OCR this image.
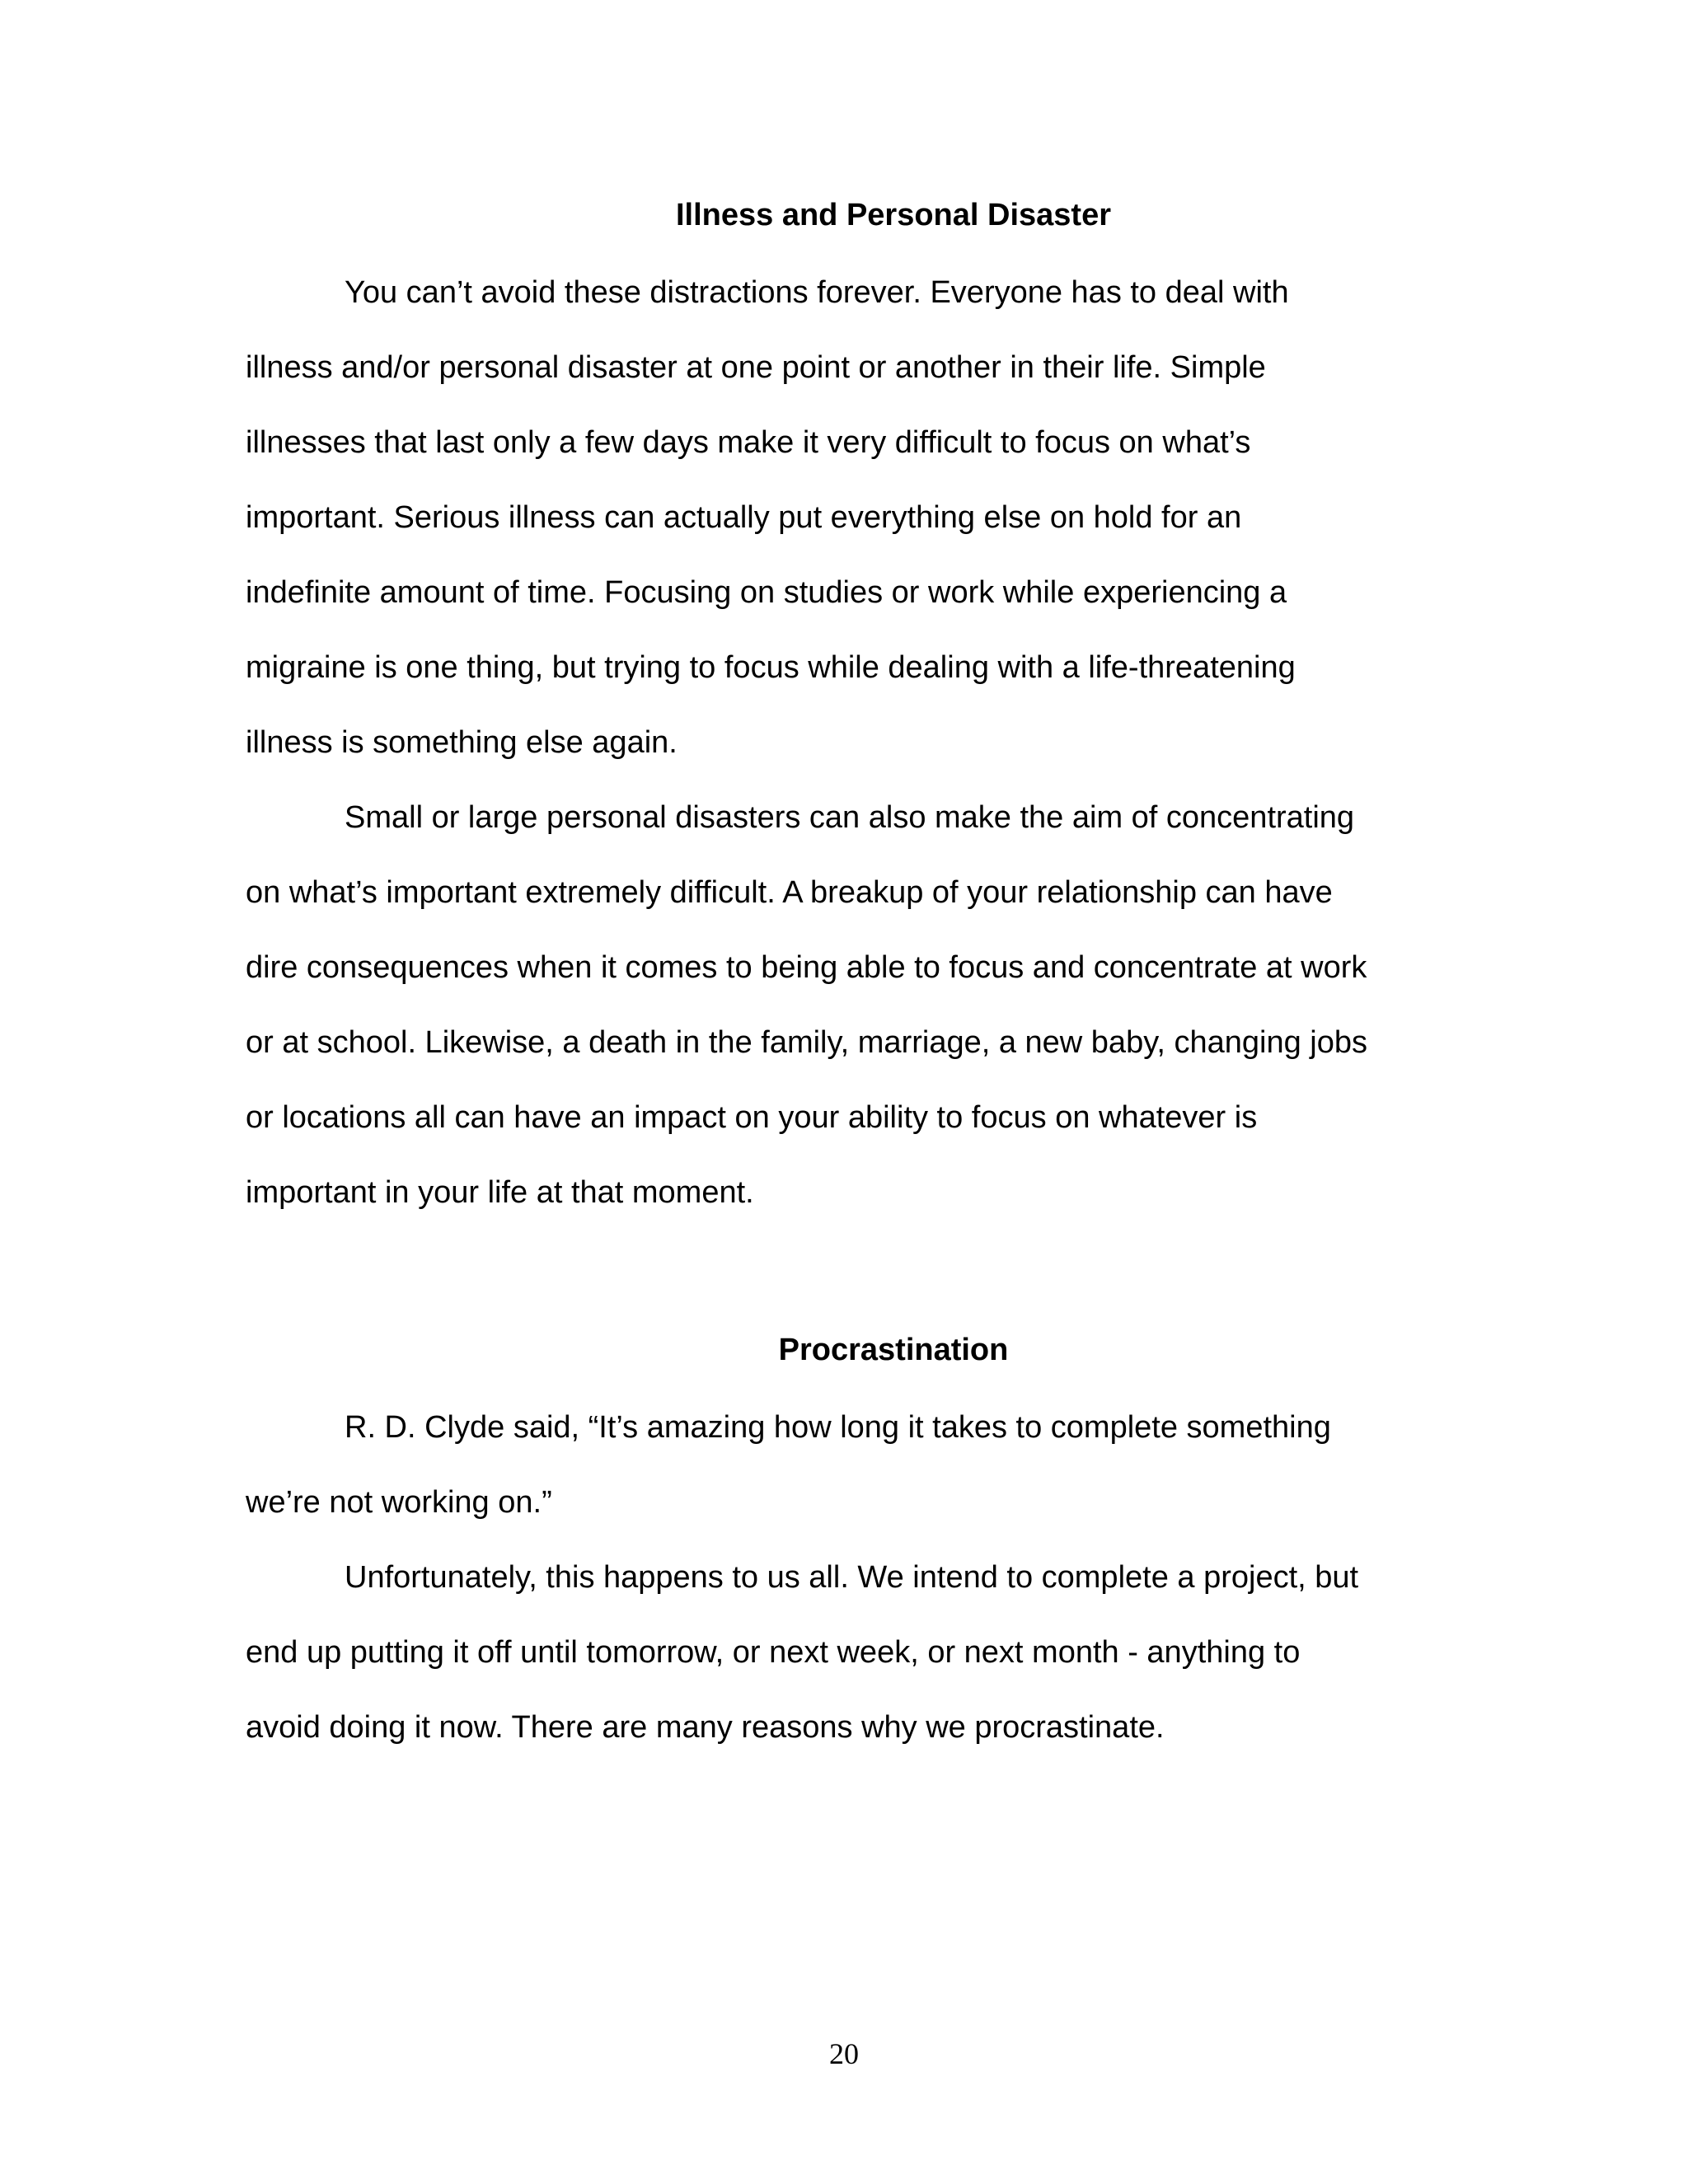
Illness and Personal Disaster

You can’t avoid these distractions forever. Everyone has to deal with

illness and/or personal disaster at one point or another in their life. Simple

illnesses that last only a few days make it very difficult to focus on what’s

important. Serious illness can actually put everything else on hold for an

indefinite amount of time. Focusing on studies or work while experiencing a

migraine is one thing, but trying to focus while dealing with a life-threatening

illness is something else again.

Small or large personal disasters can also make the aim of concentrating

on what’s important extremely difficult. A breakup of your relationship can have

dire consequences when it comes to being able to focus and concentrate at work

or at school. Likewise, a death in the family, marriage, a new baby, changing jobs

or locations all can have an impact on your ability to focus on whatever is

important in your life at that moment.

Procrastination

R. D. Clyde said, “It’s amazing how long it takes to complete something

we’re not working on.”

Unfortunately, this happens to us all. We intend to complete a project, but

end up putting it off until tomorrow, or next week, or next month - anything to

avoid doing it now. There are many reasons why we procrastinate.

20
